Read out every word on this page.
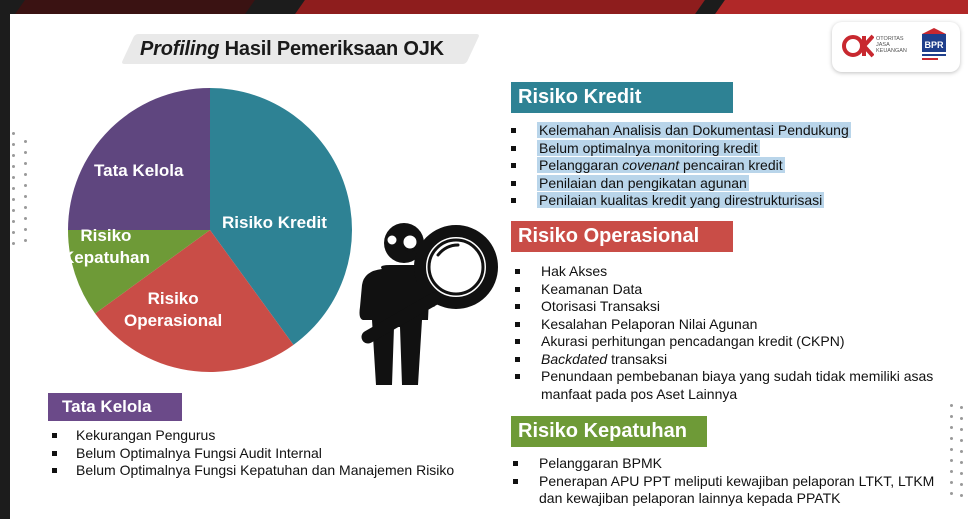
Profiling Hasil Pemeriksaan OJK	OTORITAS JASA KEUANGAN
BPR
Risiko Kredit
Risiko
Operasional
Risiko
Kepatuhan
Tata Kelola
Risiko Kredit
Kelemahan Analisis dan Dokumentasi Pendukung
Belum optimalnya monitoring kredit
Pelanggaran covenant pencairan kredit
Penilaian dan pengikatan agunan
Penilaian kualitas kredit yang direstrukturisasi
Risiko Operasional
Hak Akses
Keamanan Data
Otorisasi Transaksi
Kesalahan Pelaporan Nilai Agunan
Akurasi perhitungan pencadangan kredit (CKPN)
Backdated transaksi
Penundaan pembebanan biaya yang sudah tidak memiliki asas manfaat pada pos Aset Lainnya
Risiko Kepatuhan
Pelanggaran BPMK
Penerapan APU PPT meliputi kewajiban pelaporan LTKT, LTKM dan kewajiban pelaporan lainnya kepada PPATK
Tata Kelola
Kekurangan Pengurus
Belum Optimalnya Fungsi Audit Internal
Belum Optimalnya Fungsi Kepatuhan dan Manajemen Risiko
